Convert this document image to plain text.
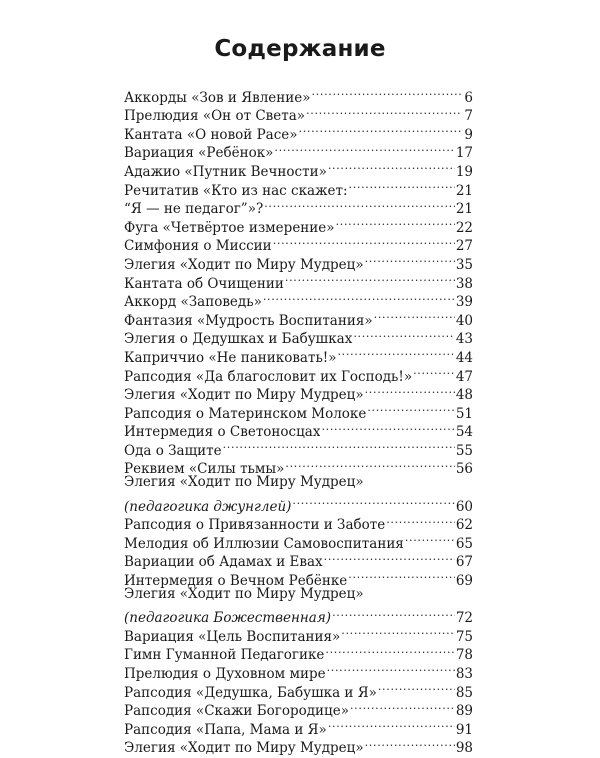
Содержание
Аккорды «Зов и Явление» . . .	6
Прелюдия «Он от Света» . . .	7
Кантата «О новой Расе» . . .	9
Вариация «Ребёнок» . . .	17
Адажио «Путник Вечности» . . .	19
Речитатив «Кто из нас скажет: . . .	21
“Я — не педагог”»? . . .	21
Фуга «Четвёртое измерение» . . .	22
Симфония о Миссии . . .	27
Элегия «Ходит по Миру Мудрец» . . .	35
Кантата об Очищении . . .	38
Аккорд «Заповедь» . . .	39
Фантазия «Мудрость Воспитания» . . .	40
Элегия о Дедушках и Бабушках . . .	43
Каприччио «Не паниковать!» . . .	44
Рапсодия «Да благословит их Господь!» . . .	47
Элегия «Ходит по Миру Мудрец» . . .	48
Рапсодия о Материнском Молоке . . .	51
Интермедия о Светоносцах . . .	54
Ода о Защите . . .	55
Реквием «Силы тьмы» . . .	56
Элегия «Ходит по Миру Мудрец»
(педагогика джунглей) . . .	60
Рапсодия о Привязанности и Заботе . . .	62
Мелодия об Иллюзии Самовоспитания . . .	65
Вариации об Адамах и Евах . . .	67
Интермедия о Вечном Ребёнке . . .	69
Элегия «Ходит по Миру Мудрец»
(педагогика Божественная) . . .	72
Вариация «Цель Воспитания» . . .	75
Гимн Гуманной Педагогике . . .	78
Прелюдия о Духовном мире . . .	83
Рапсодия «Дедушка, Бабушка и Я» . . .	85
Рапсодия «Скажи Богородице» . . .	89
Рапсодия «Папа, Мама и Я» . . .	91
Элегия «Ходит по Миру Мудрец» . . .	98
